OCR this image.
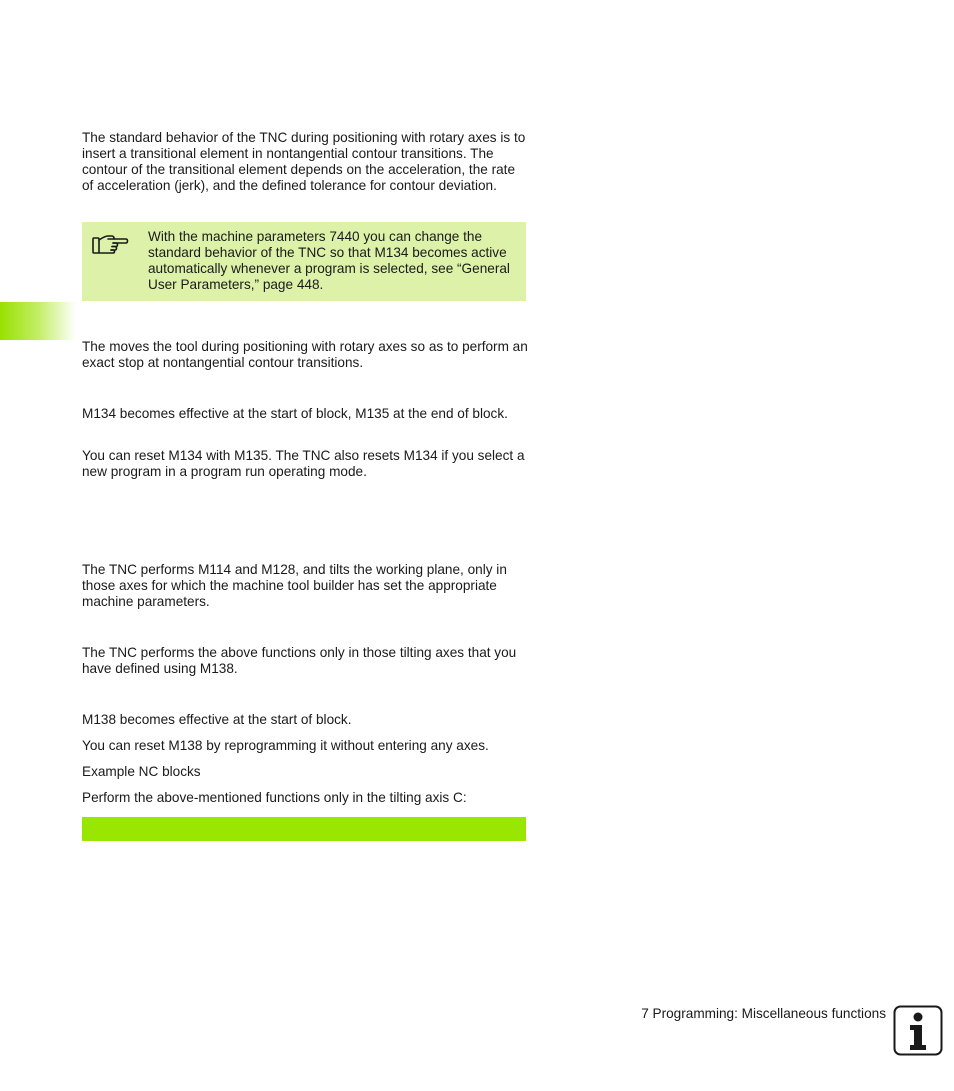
The standard behavior of the TNC during positioning with rotary axes is to insert a transitional element in nontangential contour transitions. The contour of the transitional element depends on the acceleration, the rate of acceleration (jerk), and the defined tolerance for contour deviation.

With the machine parameters 7440 you can change the standard behavior of the TNC so that M134 becomes active automatically whenever a program is selected, see “General User Parameters,” page 448.

The moves the tool during positioning with rotary axes so as to perform an exact stop at nontangential contour transitions.

M134 becomes effective at the start of block, M135 at the end of block.

You can reset M134 with M135. The TNC also resets M134 if you select a new program in a program run operating mode.

The TNC performs M114 and M128, and tilts the working plane, only in those axes for which the machine tool builder has set the appropriate machine parameters.

The TNC performs the above functions only in those tilting axes that you have defined using M138.

M138 becomes effective at the start of block.

You can reset M138 by reprogramming it without entering any axes.

Example NC blocks

Perform the above-mentioned functions only in the tilting axis C:

7 Programming: Miscellaneous functions
